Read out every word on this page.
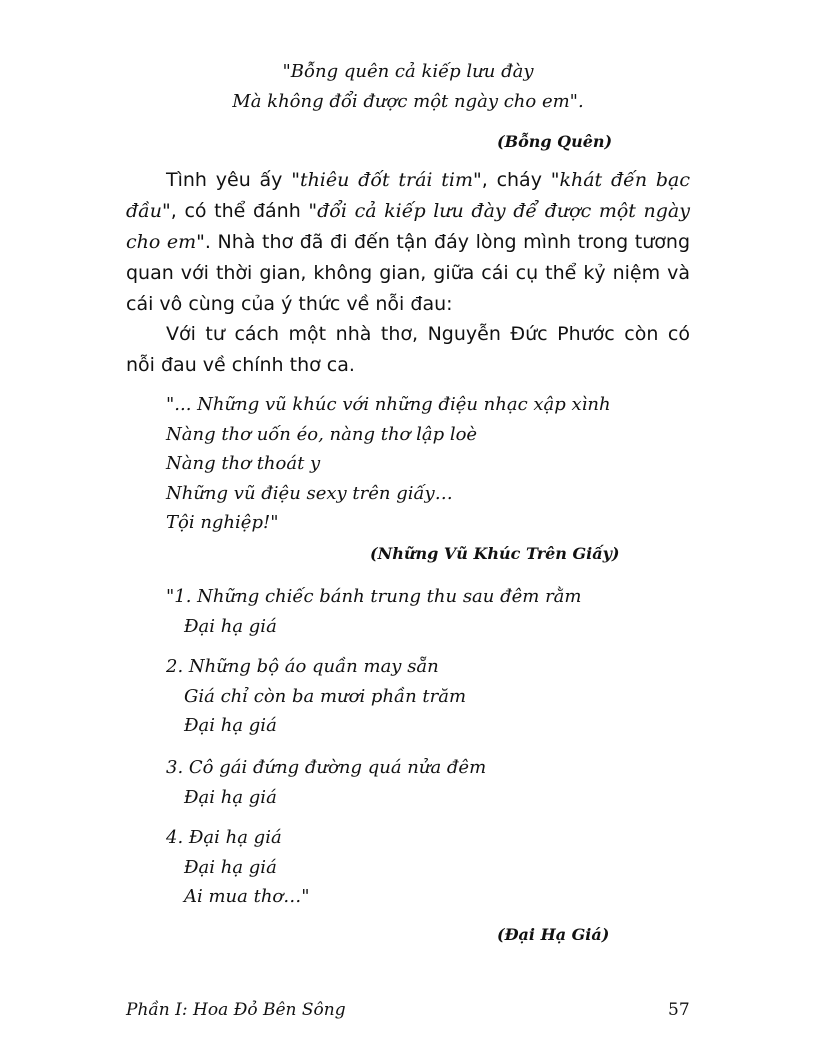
"Bỗng quên cả kiếp lưu đày
Mà không đổi được một ngày cho em".
(Bỗng Quên)

Tình yêu ấy "thiêu đốt trái tim", cháy "khát đến bạc đầu", có thể đánh "đổi cả kiếp lưu đày để được một ngày cho em". Nhà thơ đã đi đến tận đáy lòng mình trong tương quan với thời gian, không gian, giữa cái cụ thể kỷ niệm và cái vô cùng của ý thức về nỗi đau:

Với tư cách một nhà thơ, Nguyễn Đức Phước còn có nỗi đau về chính thơ ca.

"... Những vũ khúc với những điệu nhạc xập xình
Nàng thơ uốn éo, nàng thơ lập loè
Nàng thơ thoát y
Những vũ điệu sexy trên giấy…
Tội nghiệp!"
(Những Vũ Khúc Trên Giấy)
"1. Những chiếc bánh trung thu sau đêm rằm
Đại hạ giá
2. Những bộ áo quần may sẵn
Giá chỉ còn ba mươi phần trăm
Đại hạ giá
3. Cô gái đứng đường quá nửa đêm
Đại hạ giá
4. Đại hạ giá
Đại hạ giá
Ai mua thơ…"
(Đại Hạ Giá)
Phần I: Hoa Đỏ Bên Sông	57
